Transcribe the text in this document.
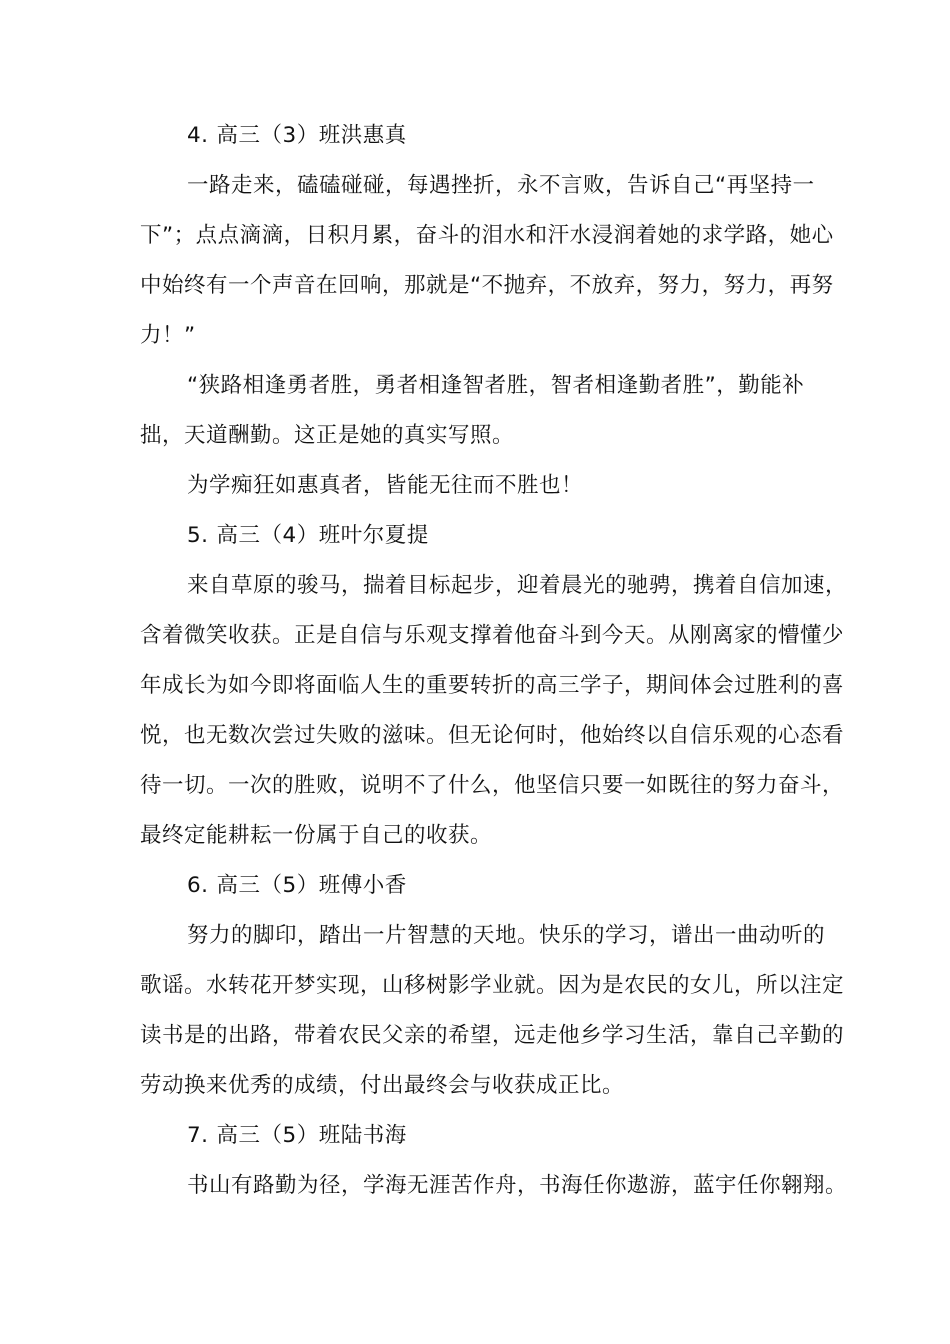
4. 高三（3）班洪惠真
一路走来，磕磕碰碰，每遇挫折，永不言败，告诉自己“再坚持一
下”；点点滴滴，日积月累，奋斗的泪水和汗水浸润着她的求学路，她心
中始终有一个声音在回响，那就是“不抛弃，不放弃，努力，努力，再努
力！”
“狭路相逢勇者胜，勇者相逢智者胜，智者相逢勤者胜”，勤能补
拙，天道酬勤。这正是她的真实写照。
为学痴狂如惠真者，皆能无往而不胜也！
5. 高三（4）班叶尔夏提
来自草原的骏马，揣着目标起步，迎着晨光的驰骋，携着自信加速，
含着微笑收获。正是自信与乐观支撑着他奋斗到今天。从刚离家的懵懂少
年成长为如今即将面临人生的重要转折的高三学子，期间体会过胜利的喜
悦，也无数次尝过失败的滋味。但无论何时，他始终以自信乐观的心态看
待一切。一次的胜败，说明不了什么，他坚信只要一如既往的努力奋斗，
最终定能耕耘一份属于自己的收获。
6. 高三（5）班傅小香
努力的脚印，踏出一片智慧的天地。快乐的学习，谱出一曲动听的
歌谣。水转花开梦实现，山移树影学业就。因为是农民的女儿，所以注定
读书是的出路，带着农民父亲的希望，远走他乡学习生活，靠自己辛勤的
劳动换来优秀的成绩，付出最终会与收获成正比。
7. 高三（5）班陆书海
书山有路勤为径，学海无涯苦作舟，书海任你遨游，蓝宇任你翱翔。
